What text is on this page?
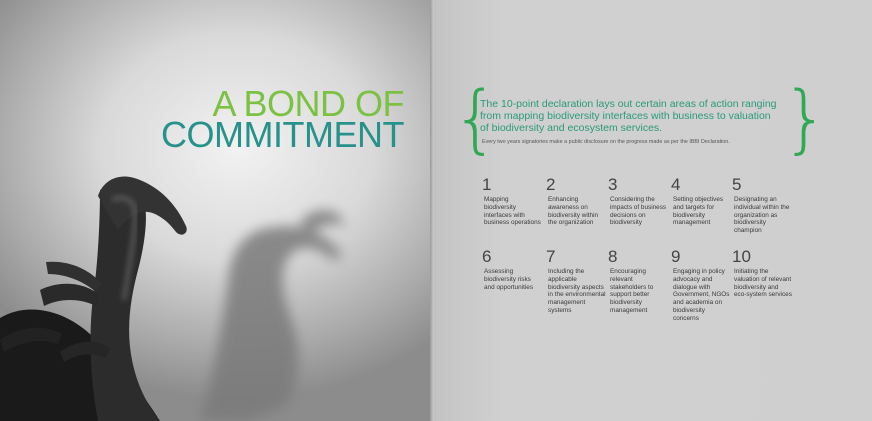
A BOND OF
COMMITMENT {	}
The 10-point declaration lays out certain areas of action ranging from mapping biodiversity interfaces with business to valuation of biodiversity and ecosystem services.
Every two years signatories make a public disclosure on the progress made as per the IBBI Declaration.
1
Mapping biodiversity interfaces with business operations
2
Enhancing awareness on biodiversity within the organization
3
Considering the impacts of business decisions on biodiversity
4
Setting objectives and targets for biodiversity management
5
Designating an individual within the organization as biodiversity champion
6
Assessing biodiversity risks and opportunities
7
Including the applicable biodiversity aspects in the environmental management systems
8
Encouraging relevant stakeholders to support better biodiversity management
9
Engaging in policy advocacy and dialogue with Government, NGOs and academia on biodiversity concerns
10
Initiating the valuation of relevant biodiversity and eco-system services
